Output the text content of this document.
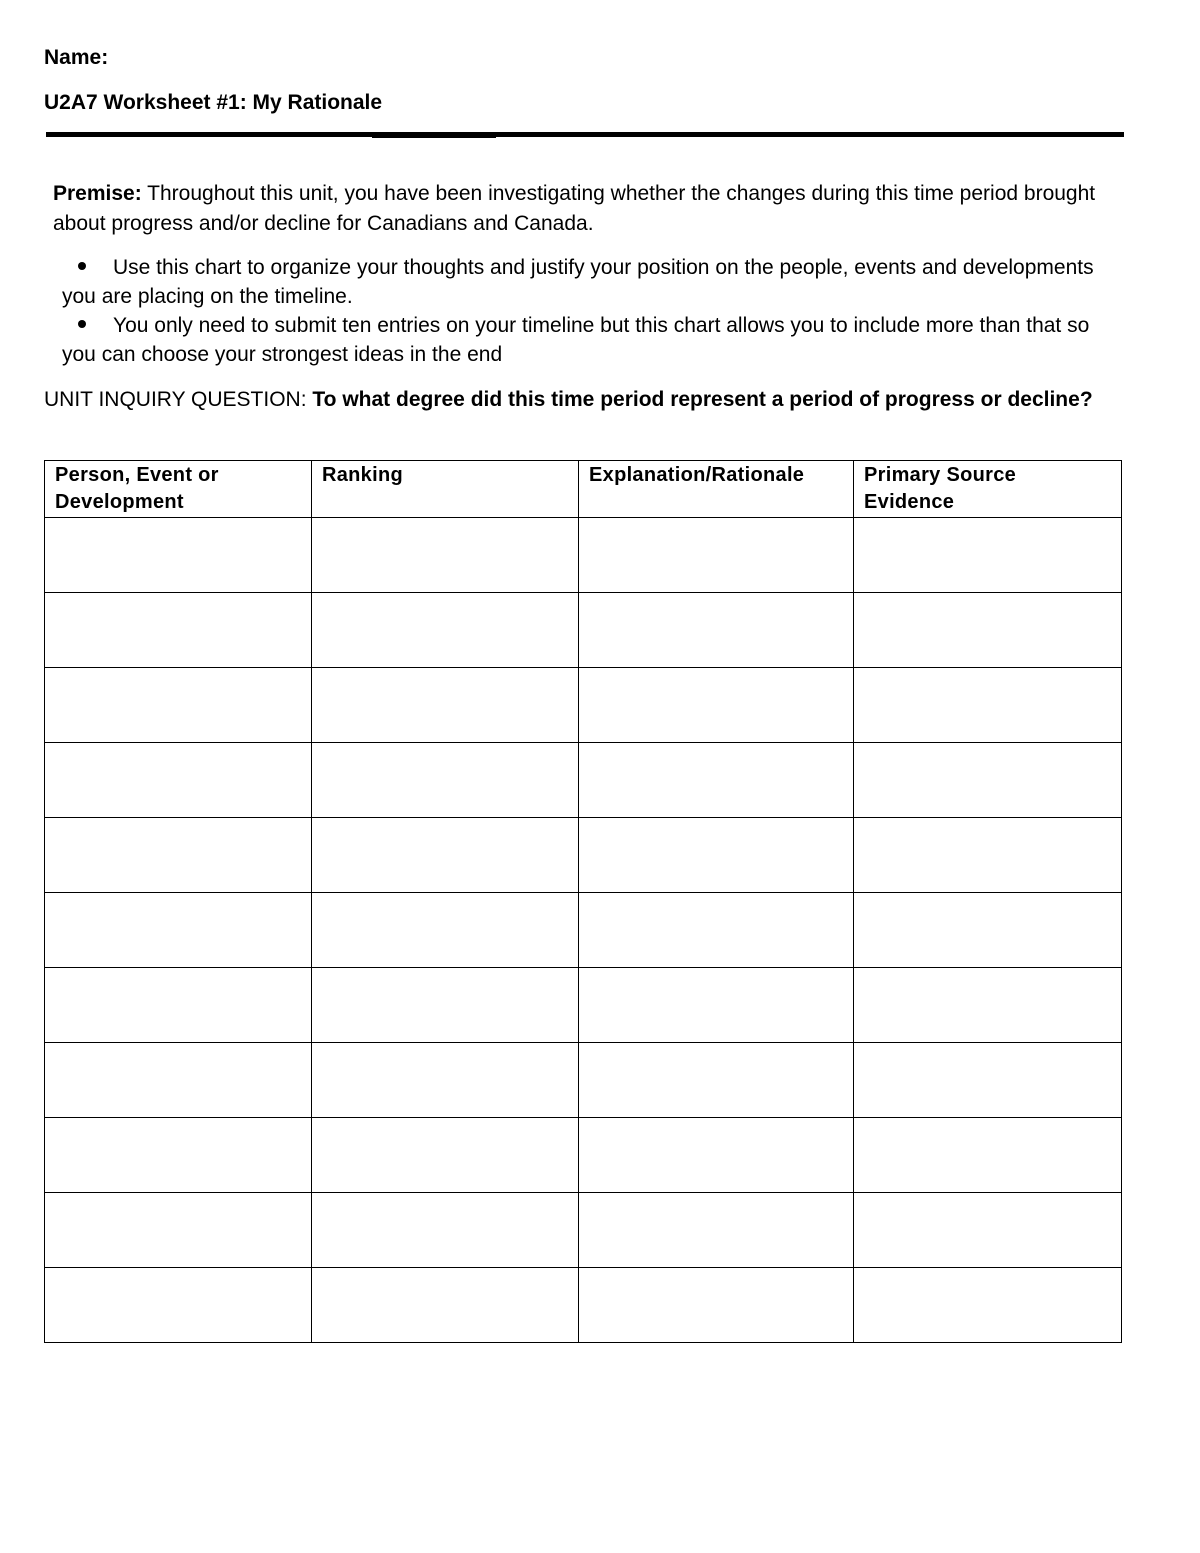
Name:
U2A7 Worksheet #1: My Rationale
Premise: Throughout this unit, you have been investigating whether the changes during this time period brought about progress and/or decline for Canadians and Canada.
Use this chart to organize your thoughts and justify your position on the people, events and developments you are placing on the timeline.
You only need to submit ten entries on your timeline but this chart allows you to include more than that so you can choose your strongest ideas in the end
UNIT INQUIRY QUESTION: To what degree did this time period represent a period of progress or decline?
Person, Event or Development	Ranking	Explanation/Rationale	Primary Source Evidence
